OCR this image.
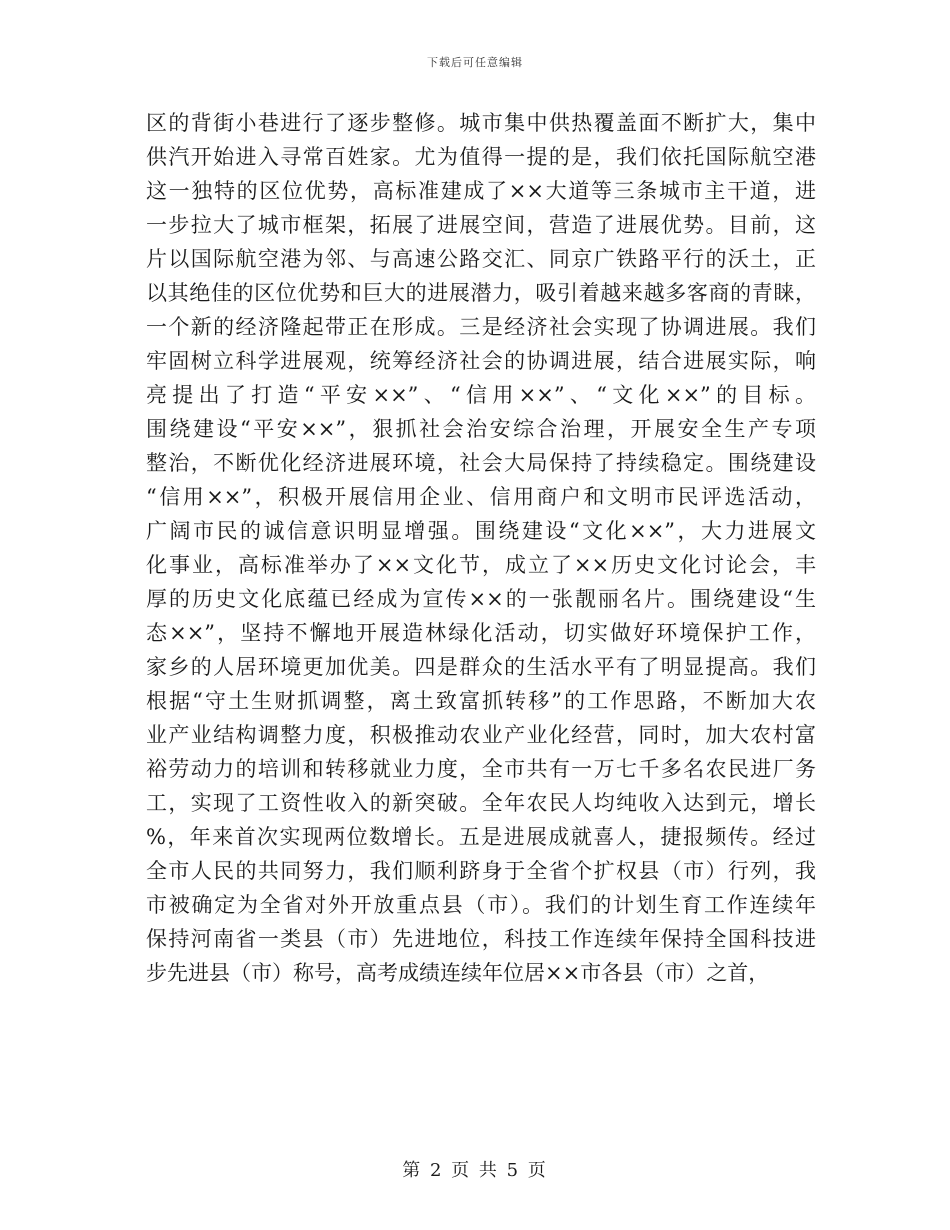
下载后可任意编辑
区的背街小巷进行了逐步整修。城市集中供热覆盖面不断扩大，集中
供汽开始进入寻常百姓家。尤为值得一提的是，我们依托国际航空港
这一独特的区位优势，高标准建成了××大道等三条城市主干道，进
一步拉大了城市框架，拓展了进展空间，营造了进展优势。目前，这
片以国际航空港为邻、与高速公路交汇、同京广铁路平行的沃土，正
以其绝佳的区位优势和巨大的进展潜力，吸引着越来越多客商的青睐，
一个新的经济隆起带正在形成。三是经济社会实现了协调进展。我们
牢固树立科学进展观，统筹经济社会的协调进展，结合进展实际，响
亮提出了打造“平安××”、“信用××”、“文化××”的目标。
围绕建设“平安××”，狠抓社会治安综合治理，开展安全生产专项
整治，不断优化经济进展环境，社会大局保持了持续稳定。围绕建设
“信用××”，积极开展信用企业、信用商户和文明市民评选活动，
广阔市民的诚信意识明显增强。围绕建设“文化××”，大力进展文
化事业，高标准举办了××文化节，成立了××历史文化讨论会，丰
厚的历史文化底蕴已经成为宣传××的一张靓丽名片。围绕建设“生
态××”，坚持不懈地开展造林绿化活动，切实做好环境保护工作，
家乡的人居环境更加优美。四是群众的生活水平有了明显提高。我们
根据“守土生财抓调整，离土致富抓转移”的工作思路，不断加大农
业产业结构调整力度，积极推动农业产业化经营，同时，加大农村富
裕劳动力的培训和转移就业力度，全市共有一万七千多名农民进厂务
工，实现了工资性收入的新突破。全年农民人均纯收入达到元，增长
%，年来首次实现两位数增长。五是进展成就喜人，捷报频传。经过
全市人民的共同努力，我们顺利跻身于全省个扩权县（市）行列，我
市被确定为全省对外开放重点县（市）。我们的计划生育工作连续年
保持河南省一类县（市）先进地位，科技工作连续年保持全国科技进
步先进县（市）称号，高考成绩连续年位居××市各县（市）之首，
第 2 页 共 5 页
